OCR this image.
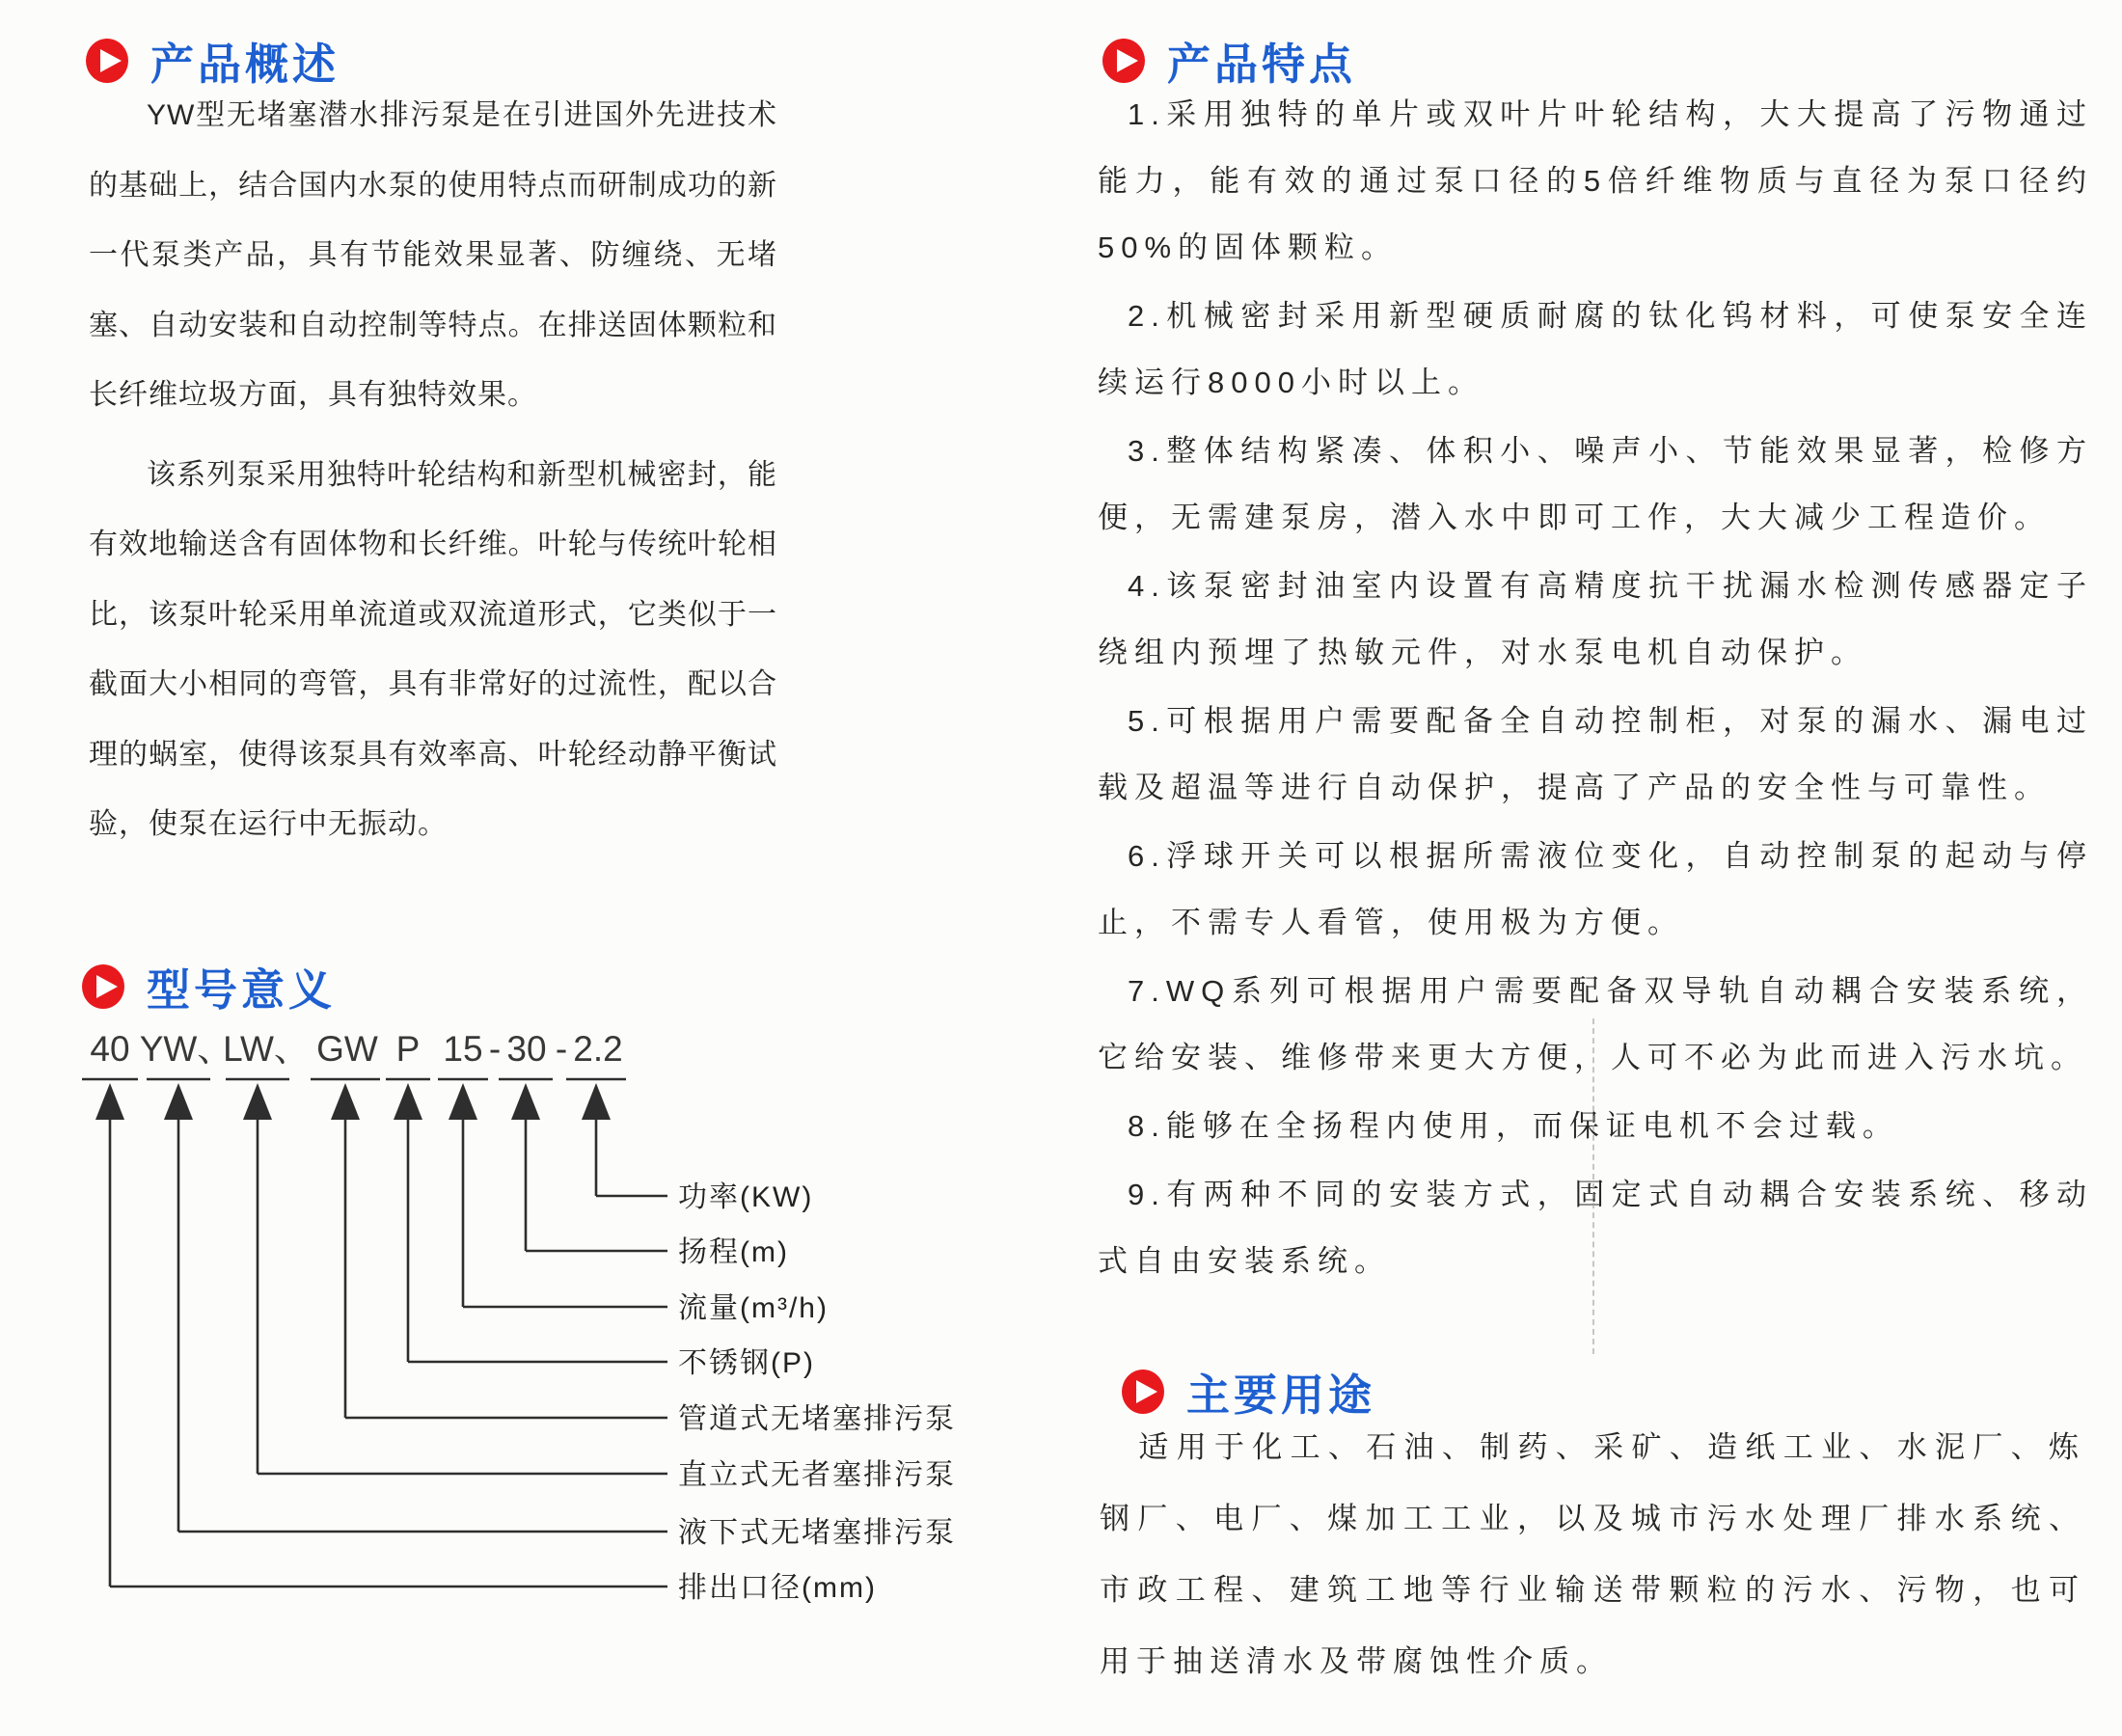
产品概述

YW型无堵塞潜水排污泵是在引进国外先进技术的基础上，结合国内水泵的使用特点而研制成功的新一代泵类产品，具有节能效果显著、防缠绕、无堵塞、自动安装和自动控制等特点。在排送固体颗粒和长纤维垃圾方面，具有独特效果。

该系列泵采用独特叶轮结构和新型机械密封，能有效地输送含有固体物和长纤维。叶轮与传统叶轮相比，该泵叶轮采用单流道或双流道形式，它类似于一截面大小相同的弯管，具有非常好的过流性，配以合理的蜗室，使得该泵具有效率高、叶轮经动静平衡试验，使泵在运行中无振动。

型号意义
40
排出口径(mm)
YW、
液下式无堵塞排污泵
LW、
直立式无者塞排污泵
GW
管道式无堵塞排污泵
P
不锈钢(P)
15
流量(m³/h)
30
扬程(m)
2.2
功率(KW)
- -
产品特点

1.采用独特的单片或双叶片叶轮结构，大大提高了污物通过能力，能有效的通过泵口径的5倍纤维物质与直径为泵口径约50%的固体颗粒。

2.机械密封采用新型硬质耐腐的钛化钨材料，可使泵安全连续运行8000小时以上。

3.整体结构紧凑、体积小、噪声小、节能效果显著，检修方便，无需建泵房，潜入水中即可工作，大大减少工程造价。

4.该泵密封油室内设置有高精度抗干扰漏水检测传感器定子绕组内预埋了热敏元件，对水泵电机自动保护。

5.可根据用户需要配备全自动控制柜，对泵的漏水、漏电过载及超温等进行自动保护，提高了产品的安全性与可靠性。

6.浮球开关可以根据所需液位变化，自动控制泵的起动与停止，不需专人看管，使用极为方便。

7.WQ系列可根据用户需要配备双导轨自动耦合安装系统，它给安装、维修带来更大方便，人可不必为此而进入污水坑。

8.能够在全扬程内使用，而保证电机不会过载。

9.有两种不同的安装方式，固定式自动耦合安装系统、移动式自由安装系统。

主要用途

适用于化工、石油、制药、采矿、造纸工业、水泥厂、炼钢厂、电厂、煤加工工业，以及城市污水处理厂排水系统、市政工程、建筑工地等行业输送带颗粒的污水、污物，也可用于抽送清水及带腐蚀性介质。
